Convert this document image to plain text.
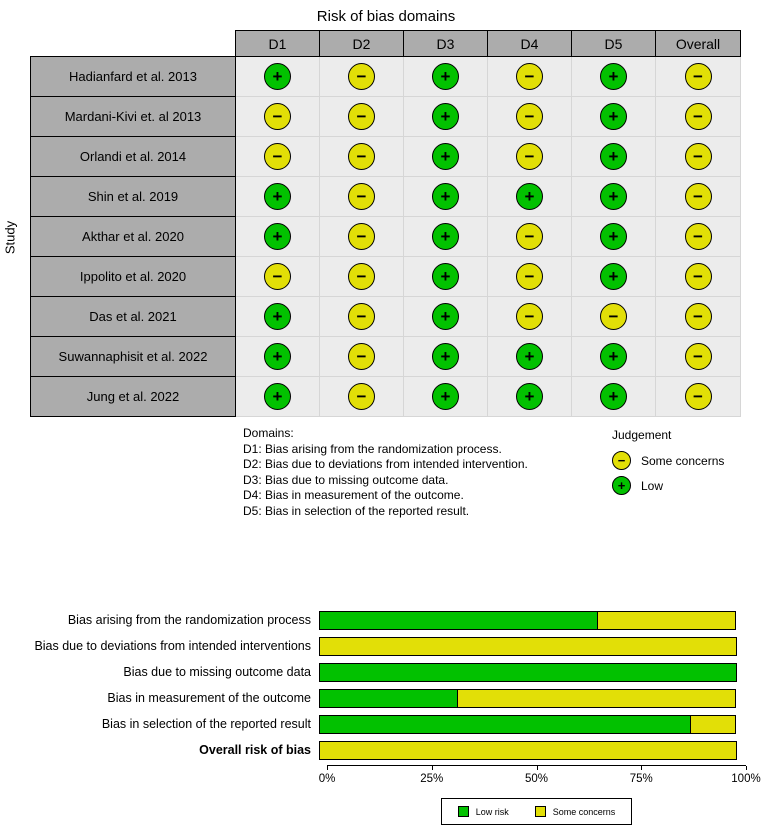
Risk of bias domains
Study
	D1	D2	D3	D4	D5	Overall
Hadianfard et al. 2013	+	−	+	−	+	−

Mardani-Kivi et. al 2013	−	−	+	−	+	−

Orlandi et al. 2014	−	−	+	−	+	−

Shin et al. 2019	+	−	+	+	+	−

Akthar et al. 2020	+	−	+	−	+	−

Ippolito et al. 2020	−	−	+	−	+	−

Das et al. 2021	+	−	+	−	−	−

Suwannaphisit et al. 2022	+	−	+	+	+	−

Jung et al. 2022	+	−	+	+	+	−
Domains:
D1: Bias arising from the randomization process.
D2: Bias due to deviations from intended intervention.
D3: Bias due to missing outcome data.
D4: Bias in measurement of the outcome.
D5: Bias in selection of the reported result.
Judgement
−	Some concerns
+	Low
Bias arising from the randomization process
Bias due to deviations from intended interventions
Bias due to missing outcome data
Bias in measurement of the outcome
Bias in selection of the reported result
Overall risk of bias
0%	25%	50%	75%	100%
Low risk	Some concerns
